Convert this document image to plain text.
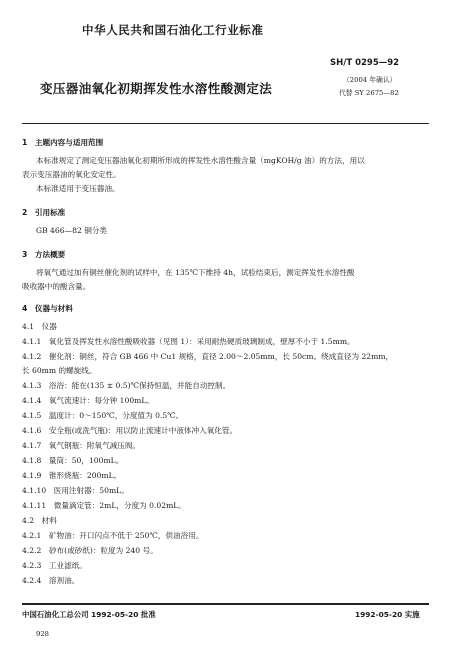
中华人民共和国石油化工行业标准
SH/T 0295—92
（2004 年确认）
代替 SY 2675—82
变压器油氧化初期挥发性水溶性酸测定法
1　主题内容与适用范围
本标准规定了测定变压器油氧化初期所形成的挥发性水溶性酸含量（mgKOH/g 油）的方法，用以
表示变压器油的氧化安定性。
本标准适用于变压器油。
2　引用标准
GB 466—82 铜分类
3　方法概要
将氧气通过加有铜丝催化剂的试样中，在 135℃下维持 4h，试验结束后，测定挥发性水溶性酸
吸收器中的酸含量。
4　仪器与材料
4.1　仪器
4.1.1　氧化管及挥发性水溶性酸吸收器（见图 1）：采用耐热硬质玻璃制成，壁厚不小于 1.5mm。
4.1.2　催化剂：铜丝，符合 GB 466 中 Cu1 规格，直径 2.00～2.05mm，长 50cm。绕成直径为 22mm，
长 60mm 的螺旋线。
4.1.3　浴浴：能在(135 ± 0.5)℃保持恒温，并能自动控制。
4.1.4　氧气流速计：每分钟 100mL。
4.1.5　温度计：0～150℃，分度值为 0.5℃。
4.1.6　安全瓶(或洗气瓶)：用以防止流速计中液体冲入氧化管。
4.1.7　氧气钢瓶：附氧气减压阀。
4.1.8　量筒：50，100mL。
4.1.9　锥形烧瓶：200mL。
4.1.10　医用注射器：50mL。
4.1.11　微量滴定管：2mL，分度为 0.02mL。
4.2　材料
4.2.1　矿物油：开口闪点不低于 250℃，供油浴用。
4.2.2　砂布(或砂纸)：粒度为 240 号。
4.2.3　工业滤纸。
4.2.4　溶剂油。
中国石油化工总公司 1992-05-20 批准	1992-05-20 实施
928
